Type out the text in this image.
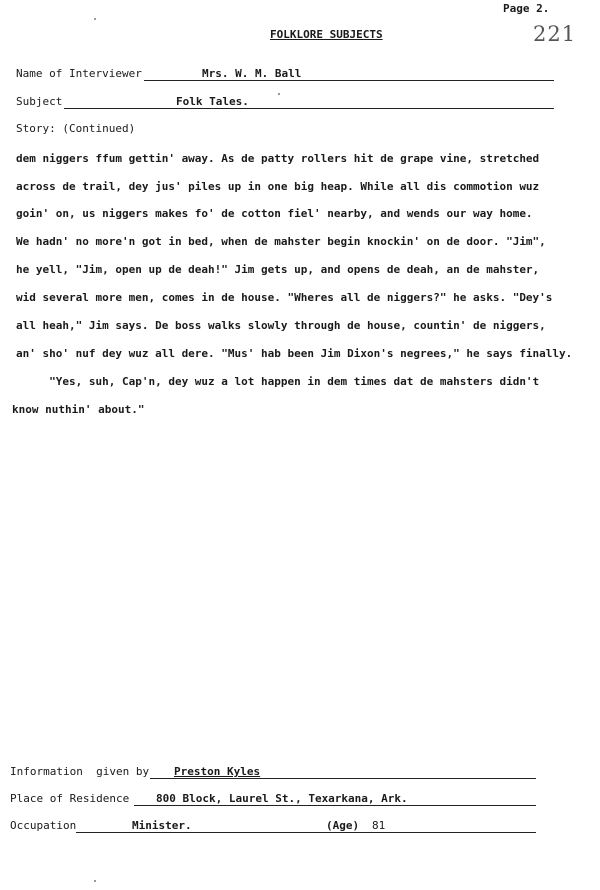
Page 2.
221
FOLKLORE SUBJECTS
Name of Interviewer	Mrs. W. M. Ball
Subject	Folk Tales.
Story: (Continued)
dem niggers ffum gettin' away. As de patty rollers hit de grape vine, stretched
across de trail, dey jus' piles up in one big heap. While all dis commotion wuz
goin' on, us niggers makes fo' de cotton fiel' nearby, and wends our way home.
We hadn' no more'n got in bed, when de mahster begin knockin' on de door. "Jim",
he yell, "Jim, open up de deah!" Jim gets up, and opens de deah, an de mahster,
wid several more men, comes in de house. "Wheres all de niggers?" he asks. "Dey's
all heah," Jim says. De boss walks slowly through de house, countin' de niggers,
an' sho' nuf dey wuz all dere. "Mus' hab been Jim Dixon's negrees," he says finally.
"Yes, suh, Cap'n, dey wuz a lot happen in dem times dat de mahsters didn't
know nuthin' about."
Information  given by Preston Kyles
Place of Residence 800 Block, Laurel St., Texarkana, Ark.
Occupation	Minister.	(Age) 81
